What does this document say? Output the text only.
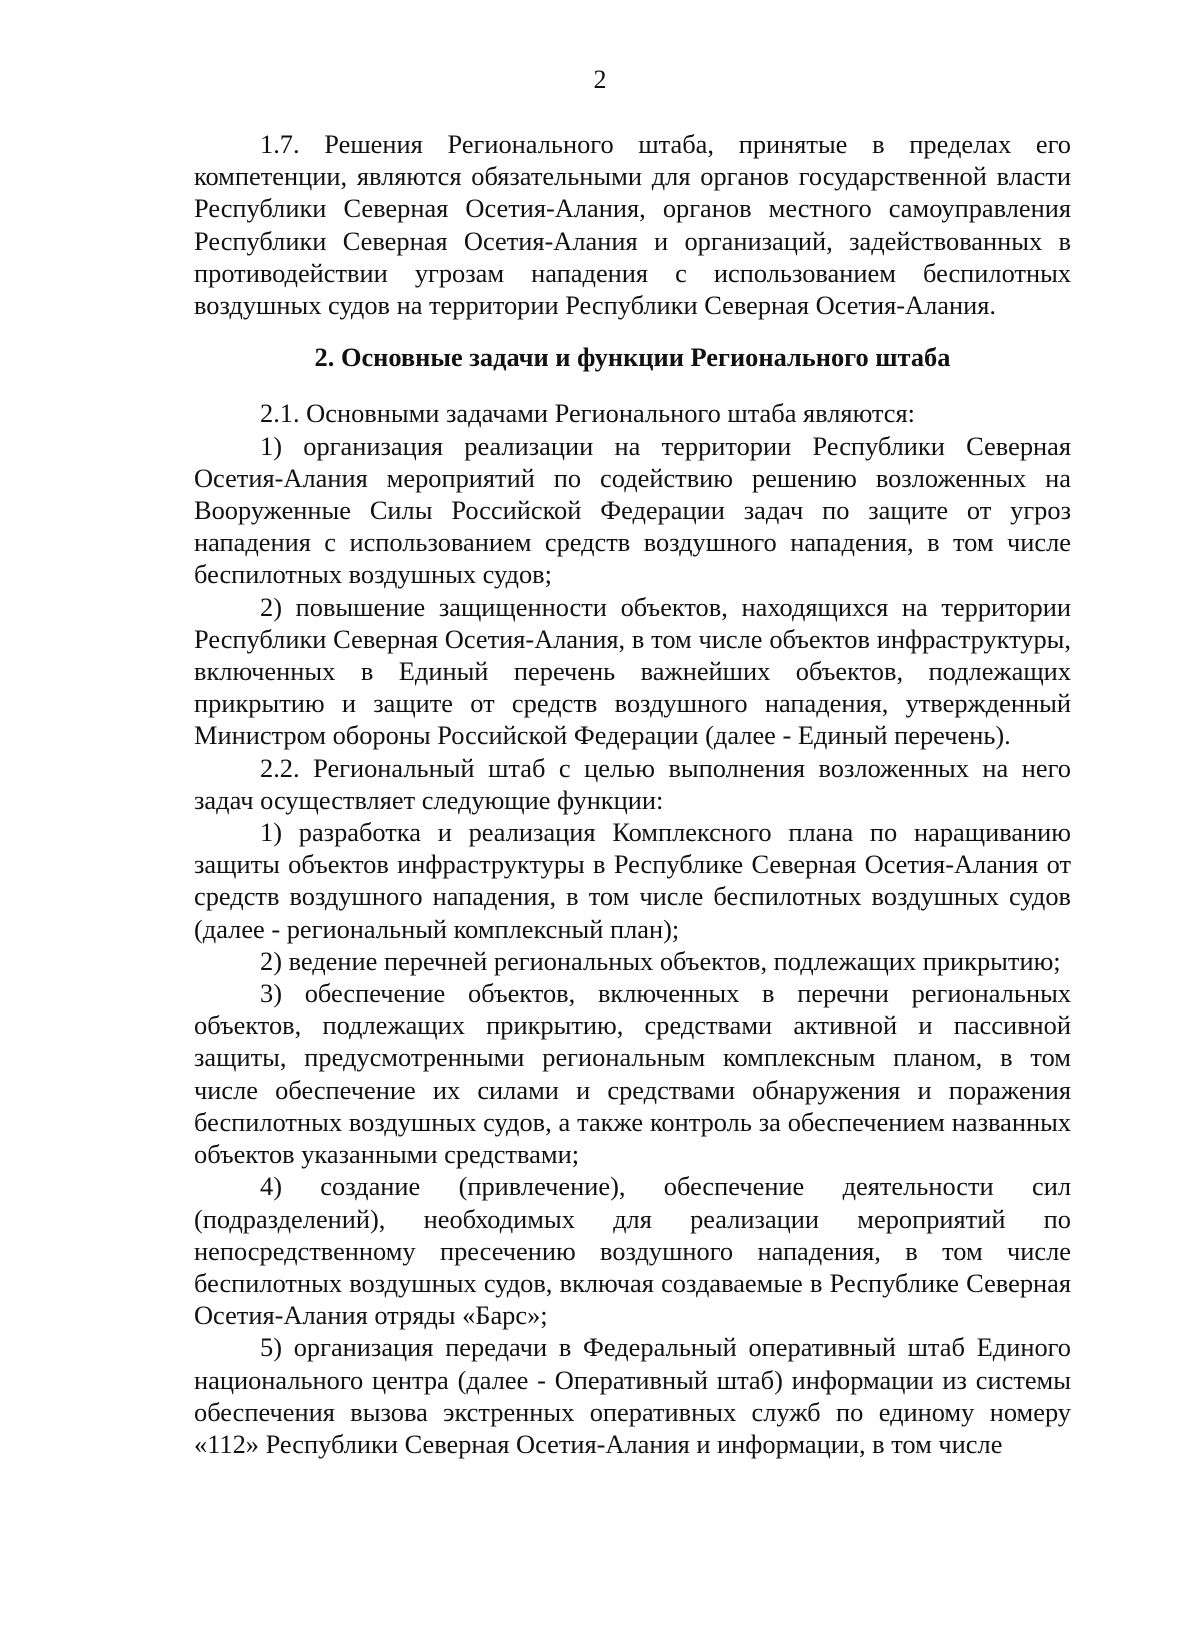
2

1.7. Решения Регионального штаба, принятые в пределах его компетенции, являются обязательными для органов государственной власти Республики Северная Осетия-Алания, органов местного самоуправления Республики Северная Осетия-Алания и организаций, задействованных в противодействии угрозам нападения с использованием беспилотных воздушных судов на территории Республики Северная Осетия-Алания.

2. Основные задачи и функции Регионального штаба

2.1. Основными задачами Регионального штаба являются:

1) организация реализации на территории Республики Северная Осетия-Алания мероприятий по содействию решению возложенных на Вооруженные Силы Российской Федерации задач по защите от угроз нападения с использованием средств воздушного нападения, в том числе беспилотных воздушных судов;

2) повышение защищенности объектов, находящихся на территории Республики Северная Осетия-Алания, в том числе объектов инфраструктуры, включенных в Единый перечень важнейших объектов, подлежащих прикрытию и защите от средств воздушного нападения, утвержденный Министром обороны Российской Федерации (далее - Единый перечень).

2.2. Региональный штаб с целью выполнения возложенных на него задач осуществляет следующие функции:

1) разработка и реализация Комплексного плана по наращиванию защиты объектов инфраструктуры в Республике Северная Осетия-Алания от средств воздушного нападения, в том числе беспилотных воздушных судов (далее - региональный комплексный план);

2) ведение перечней региональных объектов, подлежащих прикрытию;

3) обеспечение объектов, включенных в перечни региональных объектов, подлежащих прикрытию, средствами активной и пассивной защиты, предусмотренными региональным комплексным планом, в том числе обеспечение их силами и средствами обнаружения и поражения беспилотных воздушных судов, а также контроль за обеспечением названных объектов указанными средствами;

4) создание (привлечение), обеспечение деятельности сил (подразделений), необходимых для реализации мероприятий по непосредственному пресечению воздушного нападения, в том числе беспилотных воздушных судов, включая создаваемые в Республике Северная Осетия-Алания отряды «Барс»;

5) организация передачи в Федеральный оперативный штаб Единого национального центра (далее - Оперативный штаб) информации из системы обеспечения вызова экстренных оперативных служб по единому номеру «112» Республики Северная Осетия-Алания и информации, в том числе
